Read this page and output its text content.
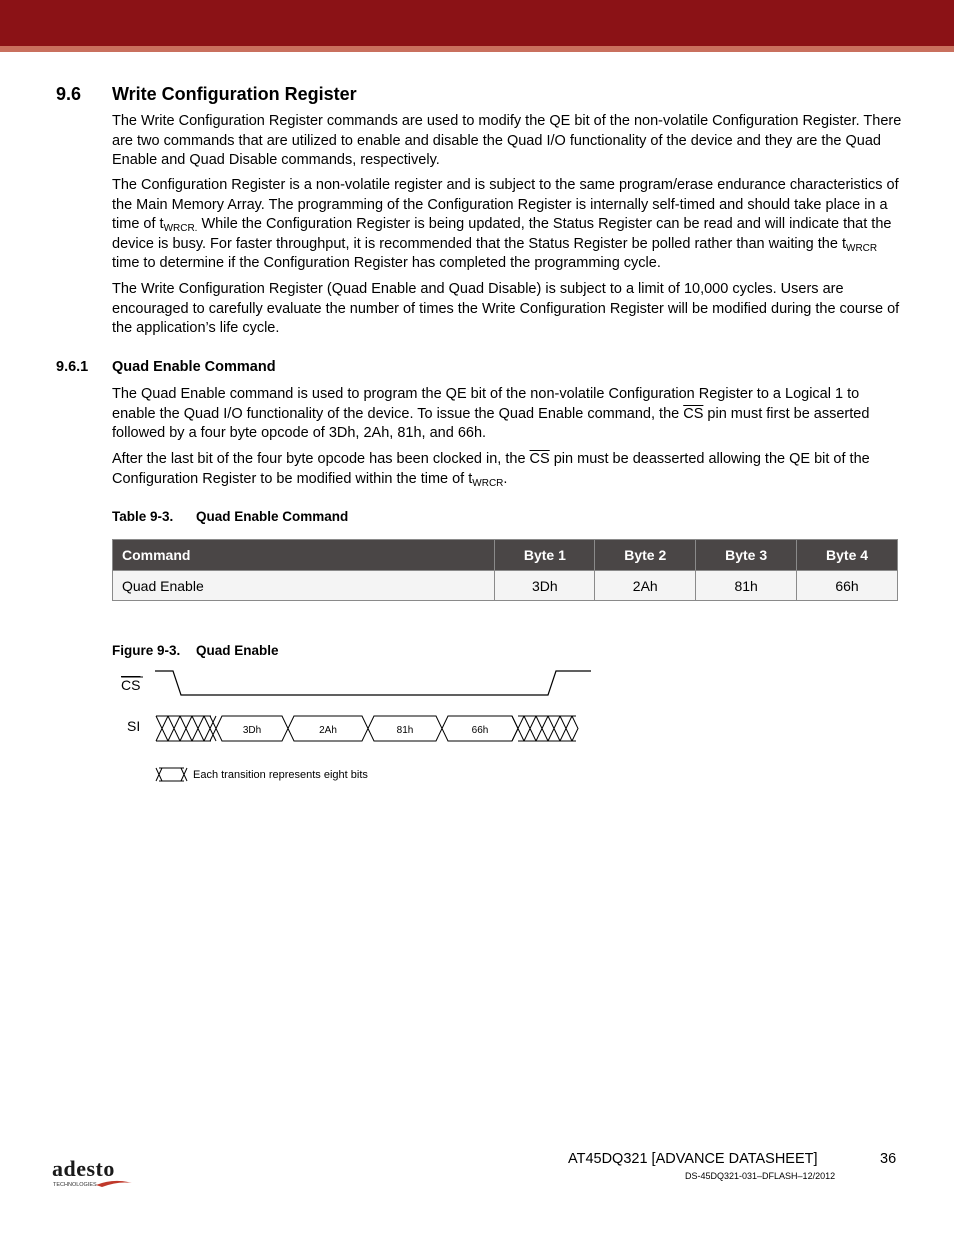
9.6 Write Configuration Register

The Write Configuration Register commands are used to modify the QE bit of the non-volatile Configuration Register. There are two commands that are utilized to enable and disable the Quad I/O functionality of the device and they are the Quad Enable and Quad Disable commands, respectively.

The Configuration Register is a non-volatile register and is subject to the same program/erase endurance characteristics of the Main Memory Array. The programming of the Configuration Register is internally self-timed and should take place in a time of $t_{WRCR.}$ While the Configuration Register is being updated, the Status Register can be read and will indicate that the device is busy. For faster throughput, it is recommended that the Status Register be polled rather than waiting the $t_{WRCR}$ time to determine if the Configuration Register has completed the programming cycle.

The Write Configuration Register (Quad Enable and Quad Disable) is subject to a limit of 10,000 cycles. Users are encouraged to carefully evaluate the number of times the Write Configuration Register will be modified during the course of the application’s life cycle.

9.6.1 Quad Enable Command

The Quad Enable command is used to program the QE bit of the non-volatile Configuration Register to a Logical 1 to enable the Quad I/O functionality of the device. To issue the Quad Enable command, the $\overline{CS}$ pin must first be asserted followed by a four byte opcode of 3Dh, 2Ah, 81h, and 66h.

After the last bit of the four byte opcode has been clocked in, the $\overline{CS}$ pin must be deasserted allowing the QE bit of the Configuration Register to be modified within the time of $t_{WRCR}$.

Table 9-3. Quad Enable Command
Command	Byte 1	Byte 2	Byte 3	Byte 4
Quad Enable	3Dh	2Ah	81h	66h
Figure 9-3. Quad Enable
CS
SI	3Dh	2Ah	81h	66h
Each transition represents eight bits
adesto
TECHNOLOGIES
AT45DQ321 [ADVANCE DATASHEET]	36
DS-45DQ321-031–DFLASH–12/2012
